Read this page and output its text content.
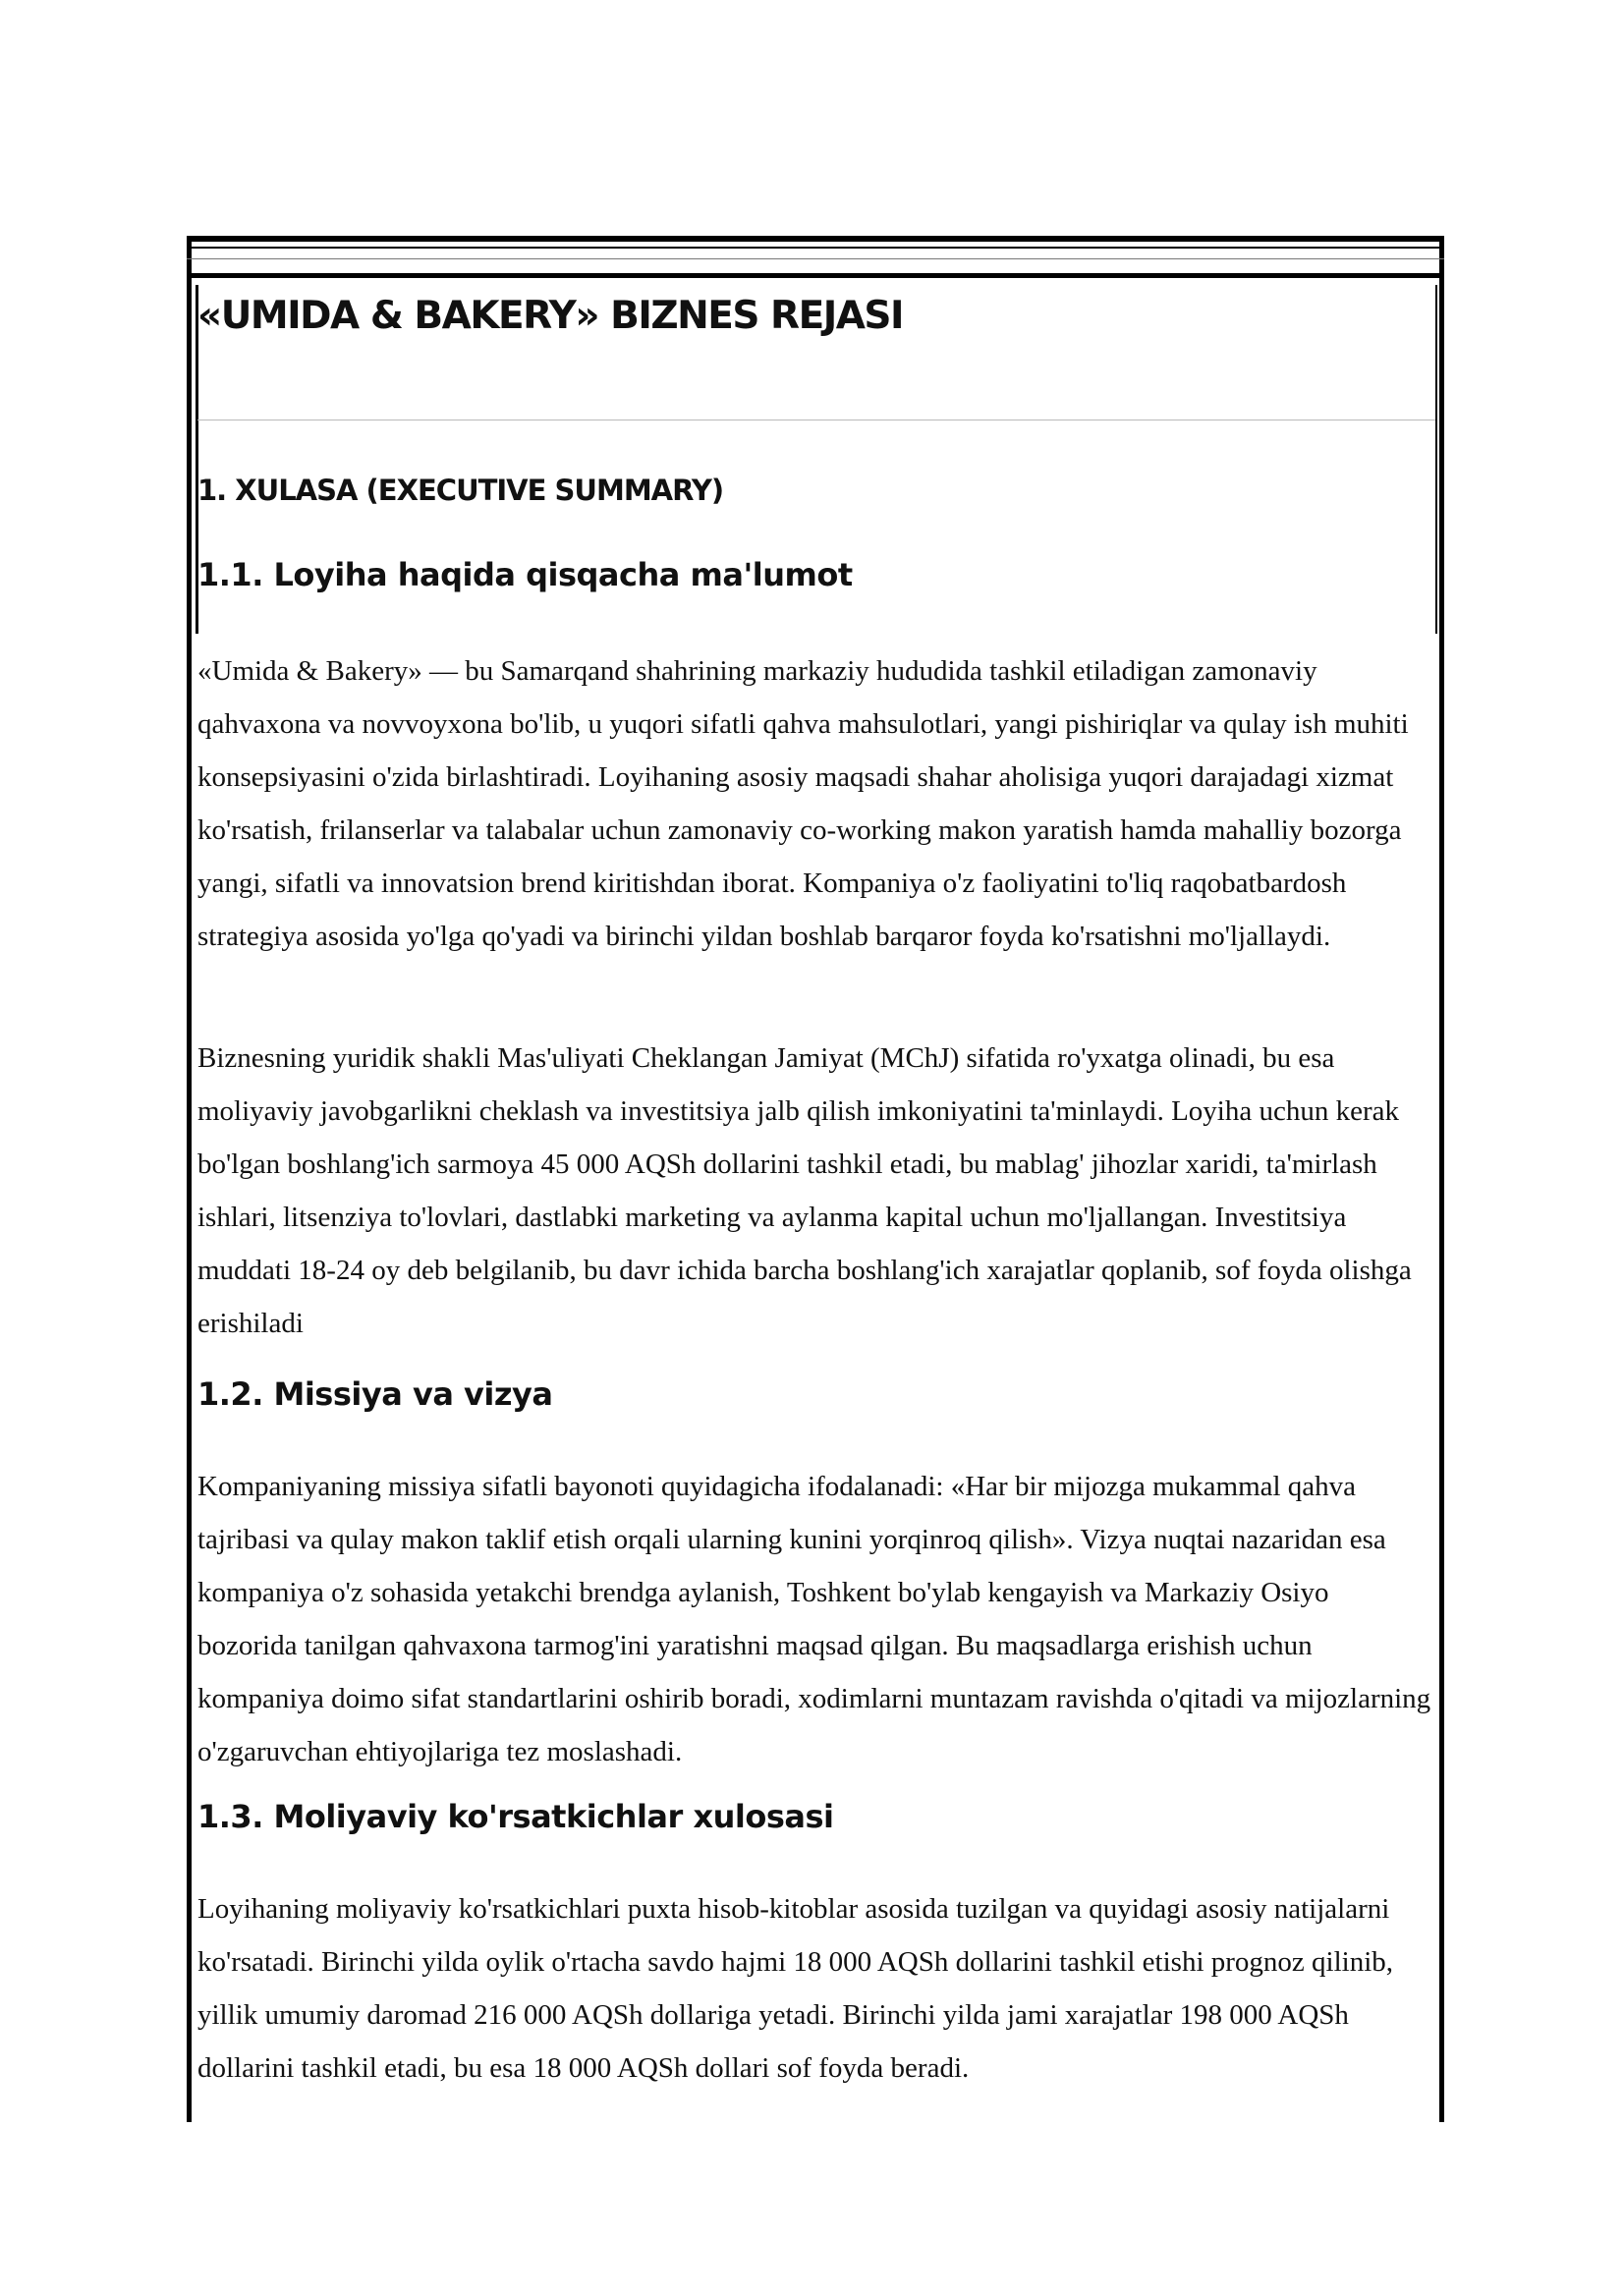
«UMIDA & BAKERY» BIZNES REJASI
1. XULASA (EXECUTIVE SUMMARY)
1.1. Loyiha haqida qisqacha ma'lumot

«Umida & Bakery» — bu Samarqand shahrining markaziy hududida tashkil etiladigan zamonaviy qahvaxona va novvoyxona bo'lib, u yuqori sifatli qahva mahsulotlari, yangi pishiriqlar va qulay ish muhiti konsepsiyasini o'zida birlashtiradi. Loyihaning asosiy maqsadi shahar aholisiga yuqori darajadagi xizmat ko'rsatish, frilanserlar va talabalar uchun zamonaviy co-working makon yaratish hamda mahalliy bozorga yangi, sifatli va innovatsion brend kiritishdan iborat. Kompaniya o'z faoliyatini to'liq raqobatbardosh strategiya asosida yo'lga qo'yadi va birinchi yildan boshlab barqaror foyda ko'rsatishni mo'ljallaydi.

Biznesning yuridik shakli Mas'uliyati Cheklangan Jamiyat (MChJ) sifatida ro'yxatga olinadi, bu esa moliyaviy javobgarlikni cheklash va investitsiya jalb qilish imkoniyatini ta'minlaydi. Loyiha uchun kerak bo'lgan boshlang'ich sarmoya 45 000 AQSh dollarini tashkil etadi, bu mablag' jihozlar xaridi, ta'mirlash ishlari, litsenziya to'lovlari, dastlabki marketing va aylanma kapital uchun mo'ljallangan. Investitsiya muddati 18-24 oy deb belgilanib, bu davr ichida barcha boshlang'ich xarajatlar qoplanib, sof foyda olishga erishiladi

1.2. Missiya va vizya

Kompaniyaning missiya sifatli bayonoti quyidagicha ifodalanadi: «Har bir mijozga mukammal qahva tajribasi va qulay makon taklif etish orqali ularning kunini yorqinroq qilish». Vizya nuqtai nazaridan esa kompaniya o'z sohasida yetakchi brendga aylanish, Toshkent bo'ylab kengayish va Markaziy Osiyo bozorida tanilgan qahvaxona tarmog'ini yaratishni maqsad qilgan. Bu maqsadlarga erishish uchun kompaniya doimo sifat standartlarini oshirib boradi, xodimlarni muntazam ravishda o'qitadi va mijozlarning o'zgaruvchan ehtiyojlariga tez moslashadi.

1.3. Moliyaviy ko'rsatkichlar xulosasi

Loyihaning moliyaviy ko'rsatkichlari puxta hisob-kitoblar asosida tuzilgan va quyidagi asosiy natijalarni ko'rsatadi. Birinchi yilda oylik o'rtacha savdo hajmi 18 000 AQSh dollarini tashkil etishi prognoz qilinib, yillik umumiy daromad 216 000 AQSh dollariga yetadi. Birinchi yilda jami xarajatlar 198 000 AQSh dollarini tashkil etadi, bu esa 18 000 AQSh dollari sof foyda beradi.
